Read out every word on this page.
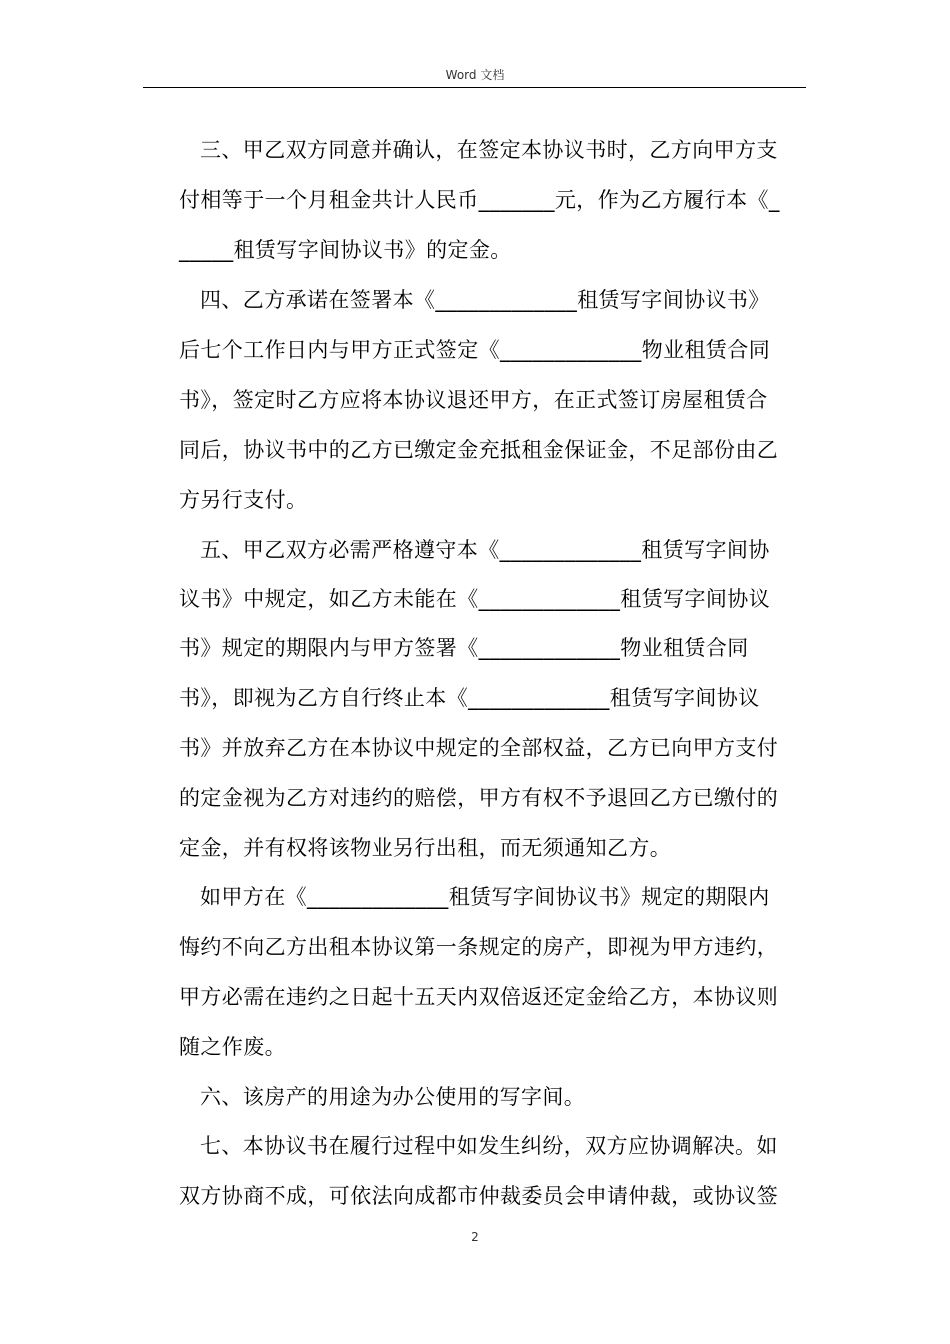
Word 文档
三、甲乙双方同意并确认，在签定本协议书时，乙方向甲方支
付相等于一个月租金共计人民币_______元，作为乙方履行本《_
_____租赁写字间协议书》的定金。
四、乙方承诺在签署本《_____________租赁写字间协议书》
后七个工作日内与甲方正式签定《_____________物业租赁合同
书》，签定时乙方应将本协议退还甲方，在正式签订房屋租赁合
同后，协议书中的乙方已缴定金充抵租金保证金，不足部份由乙
方另行支付。
五、甲乙双方必需严格遵守本《_____________租赁写字间协
议书》中规定，如乙方未能在《_____________租赁写字间协议
书》规定的期限内与甲方签署《_____________物业租赁合同
书》，即视为乙方自行终止本《_____________租赁写字间协议
书》并放弃乙方在本协议中规定的全部权益，乙方已向甲方支付
的定金视为乙方对违约的赔偿，甲方有权不予退回乙方已缴付的
定金，并有权将该物业另行出租，而无须通知乙方。
如甲方在《_____________租赁写字间协议书》规定的期限内
悔约不向乙方出租本协议第一条规定的房产，即视为甲方违约，
甲方必需在违约之日起十五天内双倍返还定金给乙方，本协议则
随之作废。
六、该房产的用途为办公使用的写字间。
七、本协议书在履行过程中如发生纠纷，双方应协调解决。如
双方协商不成，可依法向成都市仲裁委员会申请仲裁，或协议签
2
